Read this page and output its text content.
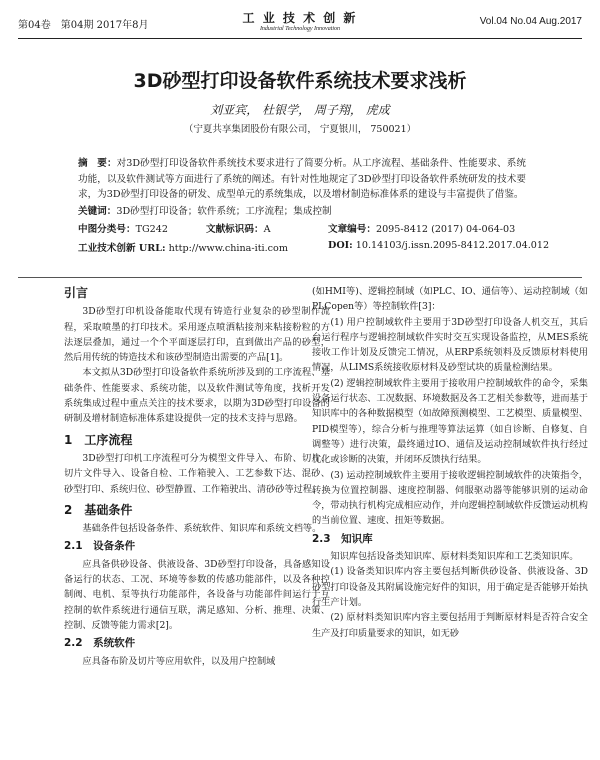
第04卷　第04期 2017年8月
工 业 技 术 创 新
Industrial Technology Innovation
Vol.04 No.04 Aug.2017
3D砂型打印设备软件系统技术要求浅析
刘亚宾， 杜银学， 周子翔， 虎成
（宁夏共享集团股份有限公司， 宁夏银川， 750021）
摘　要：对3D砂型打印设备软件系统技术要求进行了简要分析。从工序流程、基础条件、性能要求、系统功能，以及软件测试等方面进行了系统的阐述。有针对性地规定了3D砂型打印设备软件系统研发的技术要求，为3D砂型打印设备的研发、成型单元的系统集成，以及增材制造标准体系的建设与丰富提供了借鉴。
关键词：3D砂型打印设备；软件系统；工序流程；集成控制
中图分类号：TG242	文献标识码：A	文章编号：2095-8412 (2017) 04-064-03
工业技术创新 URL: http://www.china-iti.com	DOI: 10.14103/j.issn.2095-8412.2017.04.012
引言

3D砂型打印机设备能取代现有铸造行业复杂的砂型制作流程，采取喷墨的打印技术。采用逐点喷洒粘接剂来粘接粉粒的方法逐层叠加，通过一个个平面逐层打印，直到做出产品的砂型，然后用传统的铸造技术和该砂型制造出需要的产品[1]。

本文拟从3D砂型打印设备软件系统所涉及到的工序流程、基础条件、性能要求、系统功能，以及软件测试等角度，找析开发系统集成过程中重点关注的技术要求，以期为3D砂型打印设备的研制及增材制造标准体系建设提供一定的技术支持与思路。

1　工序流程

3D砂型打印机工序流程可分为模型文件导入、布阶、切片、切片文件导入、设备自检、工作箱驶入、工艺参数下达、混砂、砂型打印、系统归位、砂型静置、工作箱驶出、清砂砂等过程。

2　基础条件

基础条件包括设备条件、系统软件、知识库和系统文档等。

2.1　设备条件

应具备供砂设备、供液设备、3D砂型打印设备，具备感知设备运行的状态、工况、环境等参数的传感功能部件，以及各种控制阀、电机、泵等执行功能部件，各设备与功能部件间运行于互控制的软件系统进行通信互联，满足感知、分析、推理、决策、控制、反馈等能力需求[2]。

2.2　系统软件

应具备布阶及切片等应用软件，以及用户控制域

(如HMI等)、逻辑控制域（如PLC、IO、通信等）、运动控制域（如PLCopen等）等控制软件[3]：

(1) 用户控制域软件主要用于3D砂型打印设备人机交互，其后台运行程序与逻辑控制域软件实时交互实现设备监控，从MES系统接收工作计划及反馈完工情况，从ERP系统领料及反馈原材料使用情况，从LIMS系统接收原材料及砂型试块的质量检测结果。

(2) 逻辑控制域软件主要用于接收用户控制域软件的命令，采集设备运行状态、工况数据、环境数据及各工艺相关参数等，进而基于知识库中的各种数据模型（如故障预测模型、工艺模型、质量模型、PID模型等），综合分析与推理等算法运算（如自诊断、自修复、自调整等）进行决策，最终通过IO、通信及运动控制域软件执行经过优化或诊断的决策，并闭环反馈执行结果。

(3) 运动控制域软件主要用于接收逻辑控制域软件的决策指令，转换为位置控制器、速度控制器、伺服驱动器等能够识别的运动命令，带动执行机构完成相应动作，并向逻辑控制域软件反馈运动机构的当前位置、速度、扭矩等数据。

2.3　知识库

知识库包括设备类知识库、原材料类知识库和工艺类知识库。

(1) 设备类知识库内容主要包括判断供砂设备、供液设备、3D砂型打印设备及其附属设施完好件的知识，用于确定是否能够开始执行生产计划。

(2) 原材料类知识库内容主要包括用于判断原材料是否符合安全生产及打印质量要求的知识，如无砂
